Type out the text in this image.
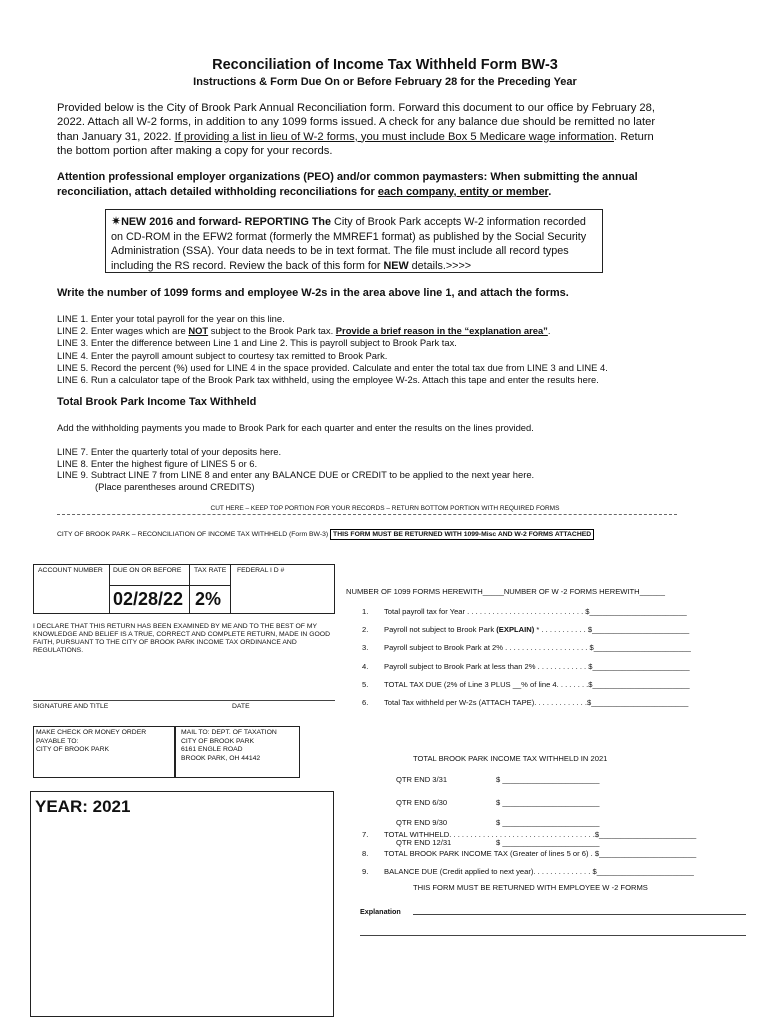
Reconciliation of Income Tax Withheld Form BW-3
Instructions & Form Due On or Before February 28 for the Preceding Year
Provided below is the City of Brook Park Annual Reconciliation form. Forward this document to our office by February 28, 2022. Attach all W-2 forms, in addition to any 1099 forms issued. A check for any balance due should be remitted no later than January 31, 2022. If providing a list in lieu of W-2 forms, you must include Box 5 Medicare wage information. Return the bottom portion after making a copy for your records.
Attention professional employer organizations (PEO) and/or common paymasters: When submitting the annual reconciliation, attach detailed withholding reconciliations for each company, entity or member.
✷NEW 2016 and forward- REPORTING The City of Brook Park accepts W-2 information recorded on CD-ROM in the EFW2 format (formerly the MMREF1 format) as published by the Social Security Administration (SSA). Your data needs to be in text format. The file must include all record types including the RS record. Review the back of this form for NEW details.>>>>
Write the number of 1099 forms and employee W-2s in the area above line 1, and attach the forms.
LINE 1. Enter your total payroll for the year on this line.
LINE 2. Enter wages which are NOT subject to the Brook Park tax. Provide a brief reason in the “explanation area”.
LINE 3. Enter the difference between Line 1 and Line 2. This is payroll subject to Brook Park tax.
LINE 4. Enter the payroll amount subject to courtesy tax remitted to Brook Park.
LINE 5. Record the percent (%) used for LINE 4 in the space provided. Calculate and enter the total tax due from LINE 3 and LINE 4.
LINE 6. Run a calculator tape of the Brook Park tax withheld, using the employee W-2s. Attach this tape and enter the results here.
Total Brook Park Income Tax Withheld
Add the withholding payments you made to Brook Park for each quarter and enter the results on the lines provided.
LINE 7. Enter the quarterly total of your deposits here.
LINE 8. Enter the highest figure of LINES 5 or 6.
LINE 9. Subtract LINE 7 from LINE 8 and enter any BALANCE DUE or CREDIT to be applied to the next year here.
(Place parentheses around CREDITS)
CUT HERE – KEEP TOP PORTION FOR YOUR RECORDS – RETURN BOTTOM PORTION WITH REQUIRED FORMS
CITY OF BROOK PARK – RECONCILIATION OF INCOME TAX WITHHELD (Form BW-3) THIS FORM MUST BE RETURNED WITH 1099-Misc AND W-2 FORMS ATTACHED
ACCOUNT NUMBER DUE ON OR BEFORE TAX RATE FEDERAL I D #
02/28/22 2%
I DECLARE THAT THIS RETURN HAS BEEN EXAMINED BY ME AND TO THE BEST OF MY KNOWLEDGE AND BELIEF IS A TRUE, CORRECT AND COMPLETE RETURN, MADE IN GOOD FAITH, PURSUANT TO THE CITY OF BROOK PARK INCOME TAX ORDINANCE AND REGULATIONS.
SIGNATURE AND TITLE	DATE
MAKE CHECK OR MONEY ORDER
PAYABLE TO:
CITY OF BROOK PARK
MAIL TO: DEPT. OF TAXATION
CITY OF BROOK PARK
6161 ENGLE ROAD
BROOK PARK, OH 44142
YEAR: 2021
NUMBER OF 1099 FORMS HEREWITH_____NUMBER OF W -2 FORMS HEREWITH______
1. Total payroll tax for Year . . . . . . . . . . . . . . . . . . . . . . . . . . . . $_______________________
2. Payroll not subject to Brook Park (EXPLAIN) * . . . . . . . . . . . $_______________________
3. Payroll subject to Brook Park at 2% . . . . . . . . . . . . . . . . . . . . $_______________________
4. Payroll subject to Brook Park at less than 2% . . . . . . . . . . . . $_______________________
5. TOTAL TAX DUE (2% of Line 3 PLUS __% of line 4. . . . . . . .$_______________________
6. Total Tax withheld per W-2s (ATTACH TAPE). . . . . . . . . . . . .$_______________________
TOTAL BROOK PARK INCOME TAX WITHHELD IN 2021
QTR END 3/31	$ _______________________
QTR END 6/30	$ _______________________
QTR END 9/30	$ _______________________
QTR END 12/31	$ _______________________
7. TOTAL WITHHELD. . . . . . . . . . . . . . . . . . . . . . . . . . . . . . . . . . .$_______________________
8. TOTAL BROOK PARK INCOME TAX (Greater of lines 5 or 6) . $_______________________
9. BALANCE DUE (Credit applied to next year). . . . . . . . . . . . . . $_______________________
THIS FORM MUST BE RETURNED WITH EMPLOYEE W -2 FORMS
Explanation
